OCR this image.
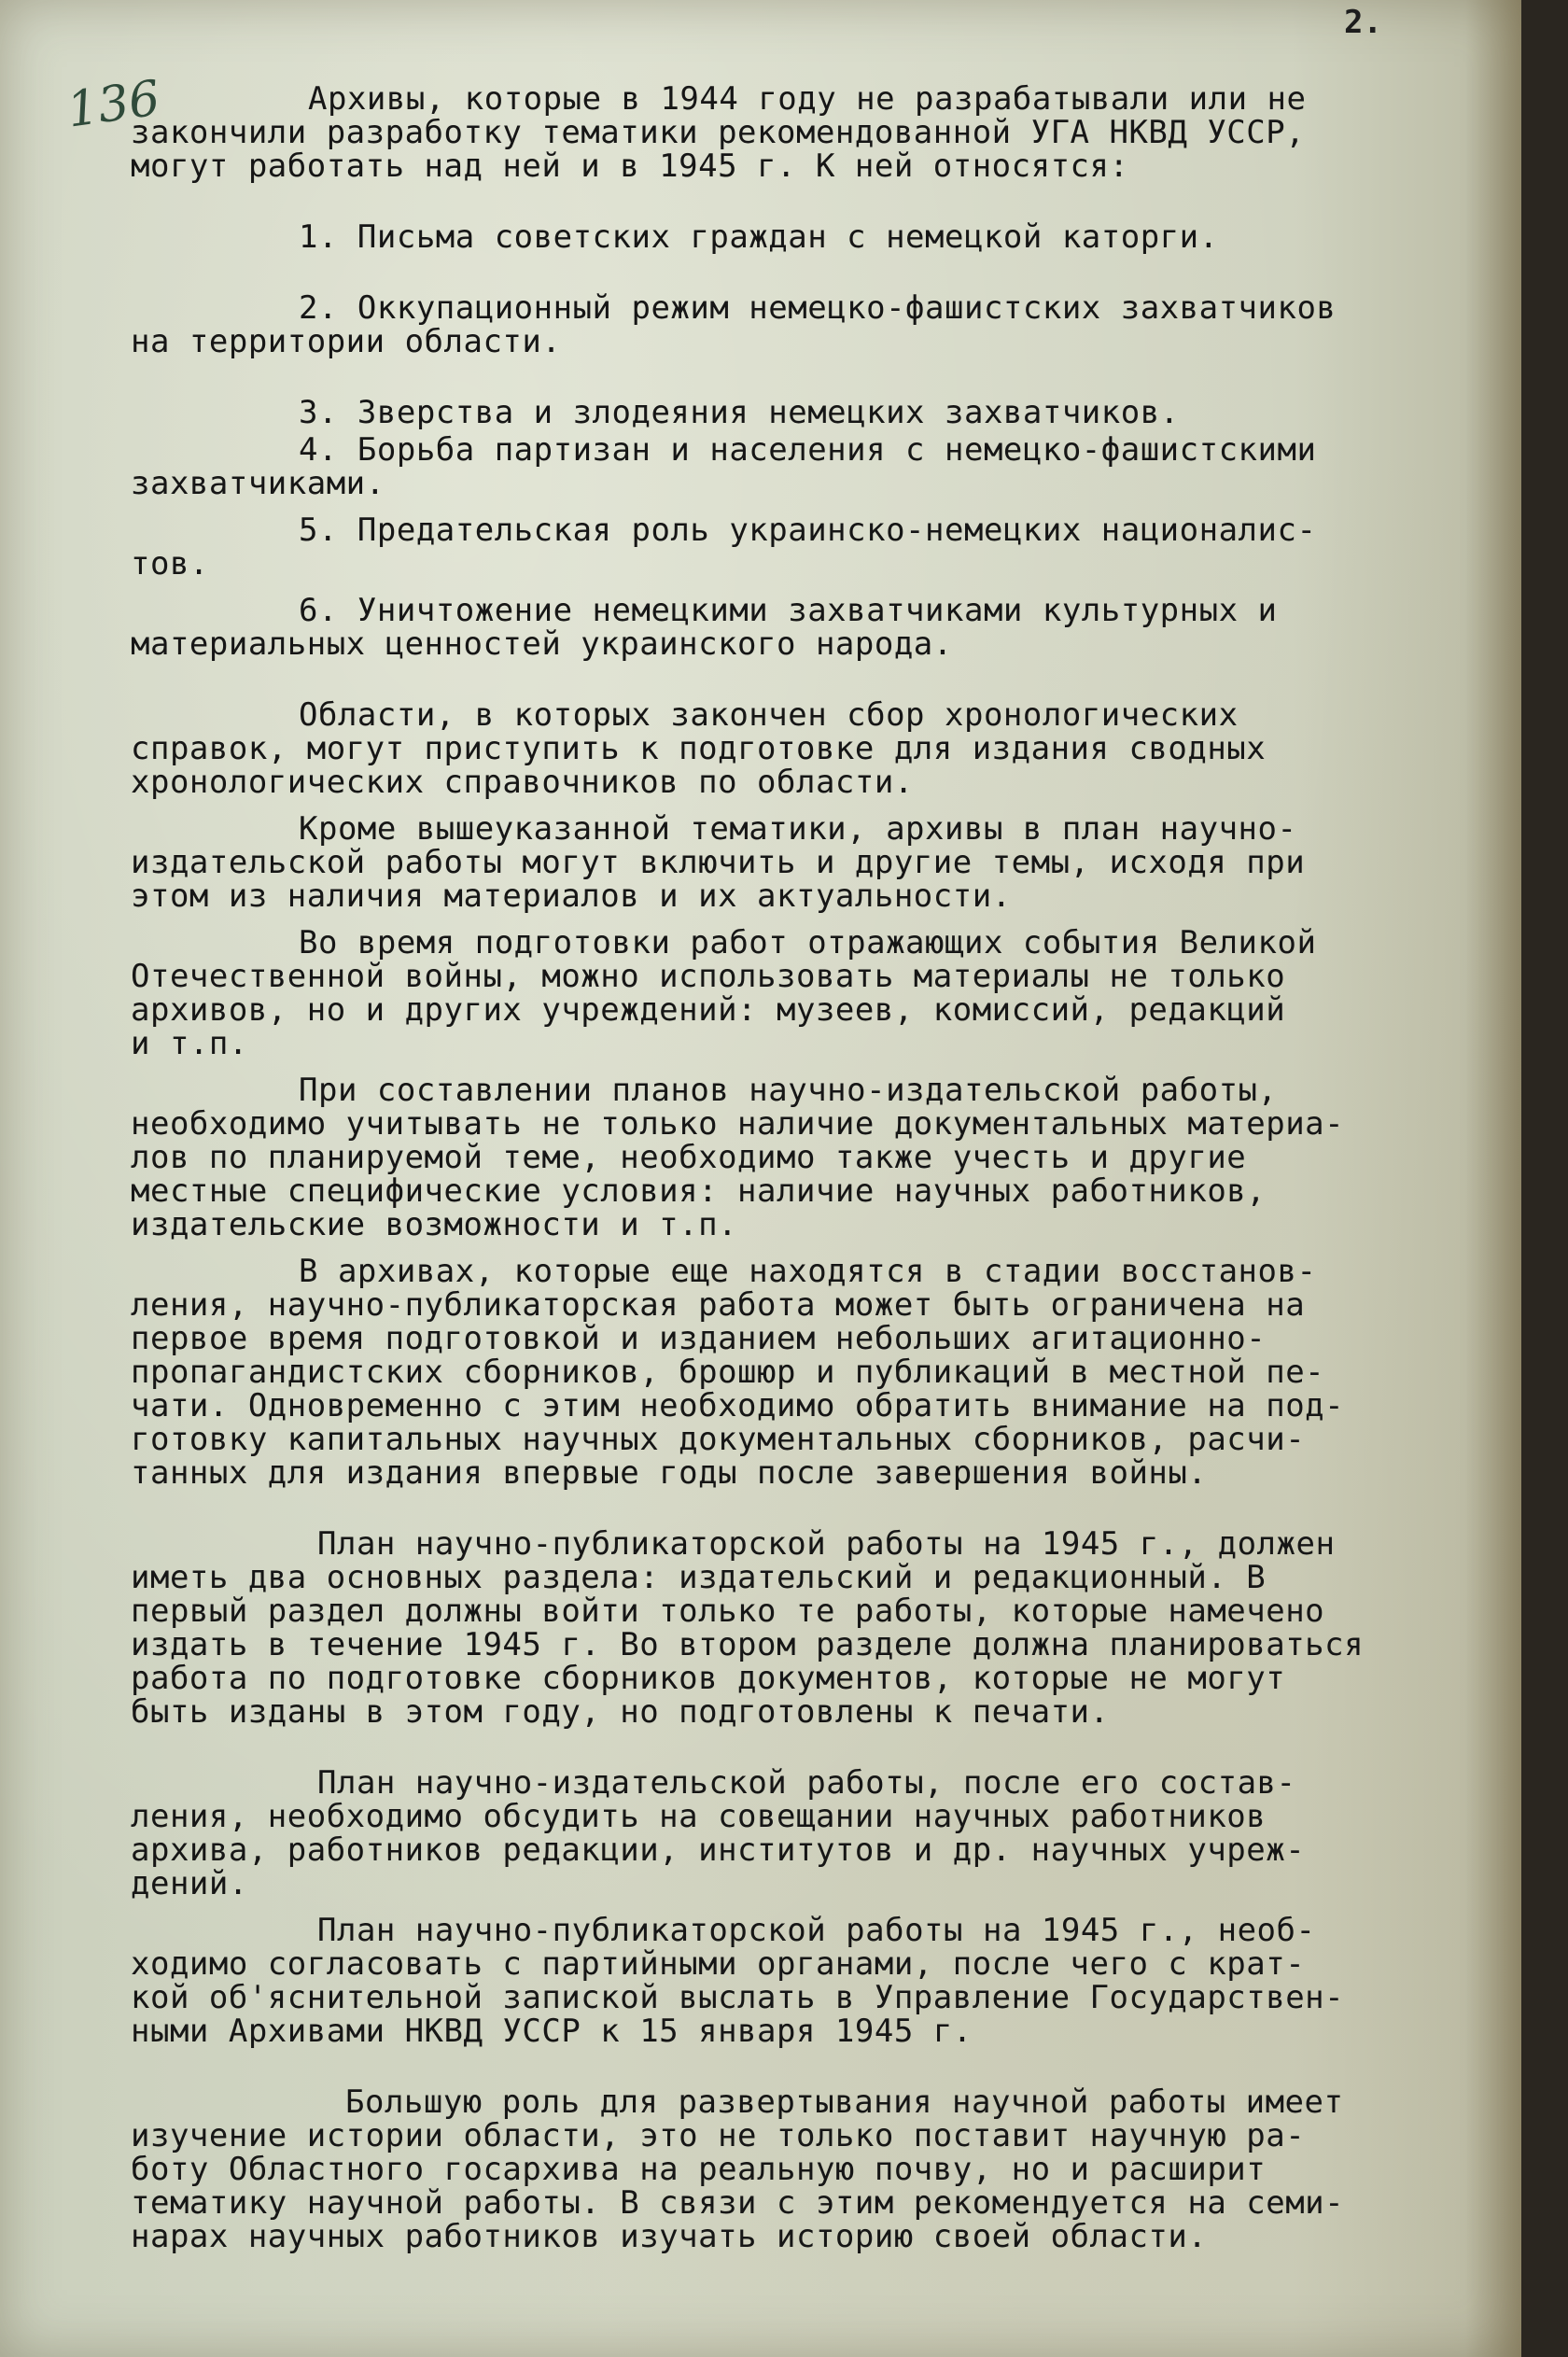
2.
136	Архивы, которые в 1944 году не разрабатывали или не
закончили разработку тематики рекомендованной УГА НКВД УССР,
могут работать над ней и в 1945 г. К ней относятся:

1. Письма советских граждан с немецкой каторги.

2. Оккупационный режим немецко-фашистских захватчиков
на территории области.

3. Зверства и злодеяния немецких захватчиков.

4. Борьба партизан и населения с немецко-фашистскими
захватчиками.

5. Предательская роль украинско-немецких националис-
тов.

6. Уничтожение немецкими захватчиками культурных и
материальных ценностей украинского народа.

Области, в которых закончен сбор хронологических
справок, могут приступить к подготовке для издания сводных
хронологических справочников по области.

Кроме вышеуказанной тематики, архивы в план научно-
издательской работы могут включить и другие темы, исходя при
этом из наличия материалов и их актуальности.

Во время подготовки работ отражающих события Великой
Отечественной войны, можно использовать материалы не только
архивов, но и других учреждений: музеев, комиссий, редакций
и т.п.

При составлении планов научно-издательской работы,
необходимо учитывать не только наличие документальных материа-
лов по планируемой теме, необходимо также учесть и другие
местные специфические условия: наличие научных работников,
издательские возможности и т.п.

В архивах, которые еще находятся в стадии восстанов-
ления, научно-публикаторская работа может быть ограничена на
первое время подготовкой и изданием небольших агитационно-
пропагандистских сборников, брошюр и публикаций в местной пе-
чати. Одновременно с этим необходимо обратить внимание на под-
готовку капитальных научных документальных сборников, расчи-
танных для издания впервые годы после завершения войны.

План научно-публикаторской работы на 1945 г., должен
иметь два основных раздела: издательский и редакционный. В
первый раздел должны войти только те работы, которые намечено
издать в течение 1945 г. Во втором разделе должна планироваться
работа по подготовке сборников документов, которые не могут
быть изданы в этом году, но подготовлены к печати.

План научно-издательской работы, после его состав-
ления, необходимо обсудить на совещании научных работников
архива, работников редакции, институтов и др. научных учреж-
дений.

План научно-публикаторской работы на 1945 г., необ-
ходимо согласовать с партийными органами, после чего с крат-
кой об'яснительной запиской выслать в Управление Государствен-
ными Архивами НКВД УССР к 15 января 1945 г.

Большую роль для развертывания научной работы имеет
изучение истории области, это не только поставит научную ра-
боту Областного госархива на реальную почву, но и расширит
тематику научной работы. В связи с этим рекомендуется на семи-
нарах научных работников изучать историю своей области.
